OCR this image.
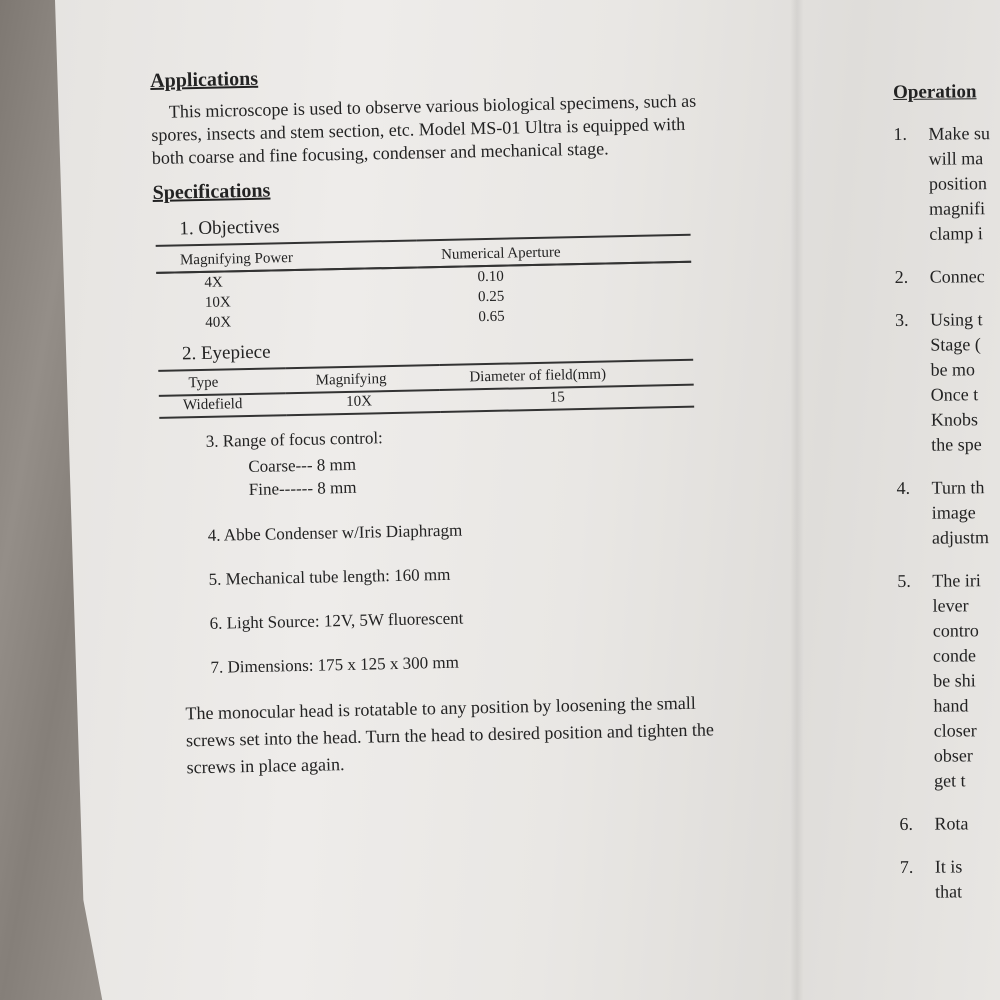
Applications

This microscope is used to observe various biological specimens, such as spores, insects and stem section, etc. Model MS-01 Ultra is equipped with both coarse and fine focusing, condenser and mechanical stage.

Specifications
1. Objectives
Magnifying Power	Numerical Aperture
4X	0.10
10X	0.25
40X	0.65
2. Eyepiece
Type	Magnifying	Diameter of field(mm)
Widefield	10X	15
3. Range of focus control:
Coarse--- 8 mm
Fine------ 8 mm
4. Abbe Condenser w/Iris Diaphragm
5. Mechanical tube length: 160 mm
6. Light Source: 12V, 5W fluorescent
7. Dimensions: 175 x 125 x 300 mm

The monocular head is rotatable to any position by loosening the small screws set into the head. Turn the head to desired position and tighten the screws in place again.

Operation
1.	Make su
will ma
position
magnifi
clamp i
2.	Connec
3.	Using t
Stage (
be mo
Once t
Knobs
the spe
4.	Turn th
image
adjustm
5.	The iri
lever
contro
conde
be shi
hand
closer
obser
get t
6.	Rota
7.	It is
that
